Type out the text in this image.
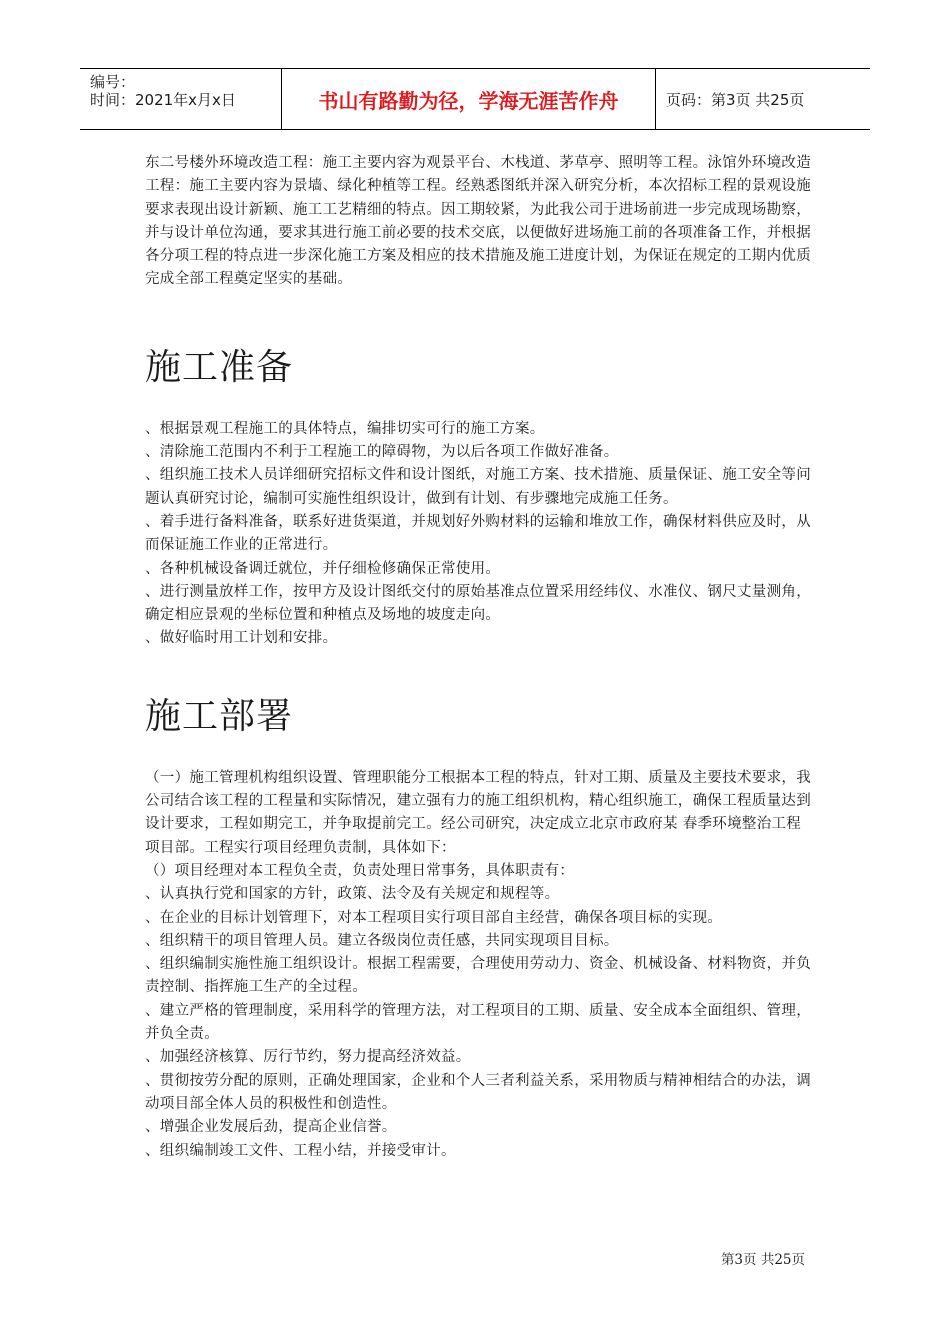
编号：
时间：2021年x月x日	书山有路勤为径，学海无涯苦作舟	页码：第3页 共25页

东二号楼外环境改造工程：施工主要内容为观景平台、木栈道、茅草亭、照明等工程。泳馆外环境改造工程：施工主要内容为景墙、绿化种植等工程。经熟悉图纸并深入研究分析，本次招标工程的景观设施要求表现出设计新颖、施工工艺精细的特点。因工期较紧，为此我公司于进场前进一步完成现场勘察，并与设计单位沟通，要求其进行施工前必要的技术交底，以便做好进场施工前的各项准备工作，并根据各分项工程的特点进一步深化施工方案及相应的技术措施及施工进度计划，为保证在规定的工期内优质完成全部工程奠定坚实的基础。

施工准备

、根据景观工程施工的具体特点，编排切实可行的施工方案。

、清除施工范围内不利于工程施工的障碍物，为以后各项工作做好准备。

、组织施工技术人员详细研究招标文件和设计图纸，对施工方案、技术措施、质量保证、施工安全等问题认真研究讨论，编制可实施性组织设计，做到有计划、有步骤地完成施工任务。

、着手进行备料准备，联系好进货渠道，并规划好外购材料的运输和堆放工作，确保材料供应及时，从而保证施工作业的正常进行。

、各种机械设备调迁就位，并仔细检修确保正常使用。

、进行测量放样工作，按甲方及设计图纸交付的原始基准点位置采用经纬仪、水准仪、钢尺丈量测角，确定相应景观的坐标位置和种植点及场地的坡度走向。

、做好临时用工计划和安排。

施工部署

（一）施工管理机构组织设置、管理职能分工根据本工程的特点，针对工期、质量及主要技术要求，我公司结合该工程的工程量和实际情况，建立强有力的施工组织机构，精心组织施工，确保工程质量达到设计要求，工程如期完工，并争取提前完工。经公司研究，决定成立北京市政府某 春季环境整治工程项目部。工程实行项目经理负责制，具体如下：

（）项目经理对本工程负全责，负责处理日常事务，具体职责有：

、认真执行党和国家的方针，政策、法令及有关规定和规程等。

、在企业的目标计划管理下，对本工程项目实行项目部自主经营，确保各项目标的实现。

、组织精干的项目管理人员。建立各级岗位责任感，共同实现项目目标。

、组织编制实施性施工组织设计。根据工程需要，合理使用劳动力、资金、机械设备、材料物资，并负责控制、指挥施工生产的全过程。

、建立严格的管理制度，采用科学的管理方法，对工程项目的工期、质量、安全成本全面组织、管理，并负全责。

、加强经济核算、厉行节约，努力提高经济效益。

、贯彻按劳分配的原则，正确处理国家，企业和个人三者利益关系，采用物质与精神相结合的办法，调动项目部全体人员的积极性和创造性。

、增强企业发展后劲，提高企业信誉。

、组织编制竣工文件、工程小结，并接受审计。

第3页 共25页
